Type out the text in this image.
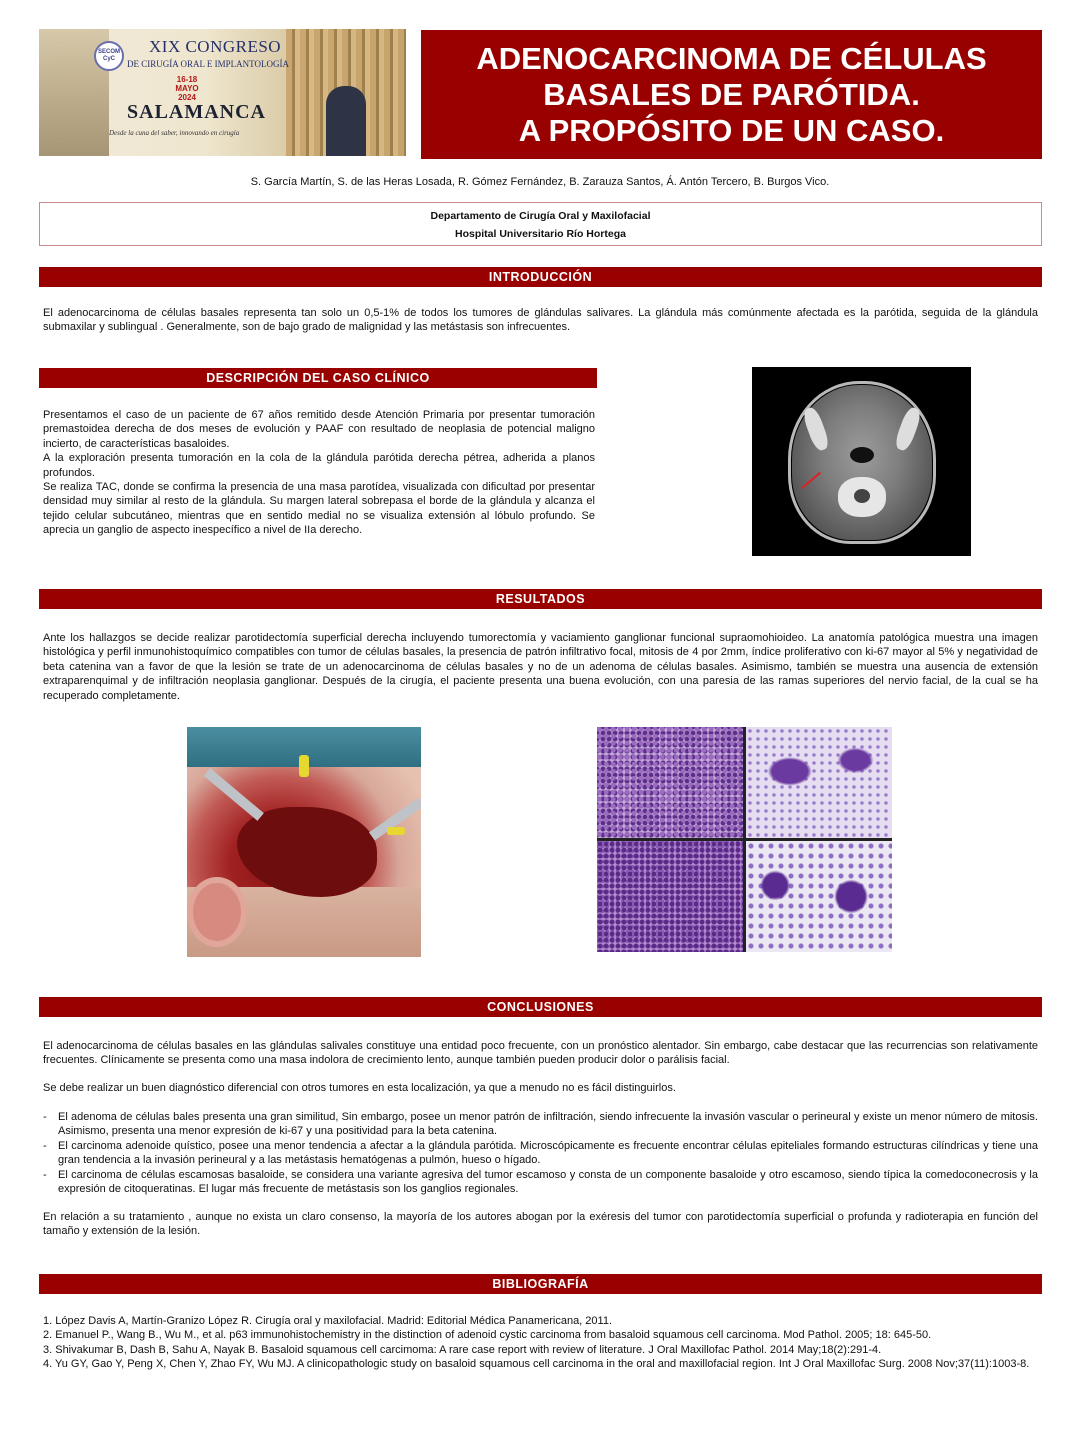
SECOM CyC
XIX CONGRESO
DE CIRUGÍA ORAL E IMPLANTOLOGÍA
16-18 MAYO 2024
SALAMANCA
Desde la cuna del saber, innovando en cirugía
ADENOCARCINOMA DE CÉLULAS
BASALES DE PARÓTIDA.
A PROPÓSITO DE UN CASO.
S. García Martín, S. de las Heras Losada, R. Gómez Fernández, B. Zarauza Santos, Á. Antón Tercero, B. Burgos Vico.
Departamento de Cirugía Oral y Maxilofacial
Hospital Universitario Río Hortega
INTRODUCCIÓN
El adenocarcinoma de células basales representa tan solo un 0,5-1% de todos los tumores de glándulas salivares. La glándula más comúnmente afectada es la parótida, seguida de la glándula submaxilar y sublingual . Generalmente, son de bajo grado de malignidad y las metástasis son infrecuentes.
DESCRIPCIÓN DEL CASO CLÍNICO

Presentamos el caso de un paciente de 67 años remitido desde Atención Primaria por presentar tumoración premastoidea derecha de dos meses de evolución y PAAF con resultado de neoplasia de potencial maligno incierto, de características basaloides.

A la exploración presenta tumoración en la cola de la glándula parótida derecha pétrea, adherida a planos profundos.

Se realiza TAC, donde se confirma la presencia de una masa parotídea, visualizada con dificultad por presentar densidad muy similar al resto de la glándula. Su margen lateral sobrepasa el borde de la glándula y alcanza el tejido celular subcutáneo, mientras que en sentido medial no se visualiza extensión al lóbulo profundo. Se aprecia un ganglio de aspecto inespecífico a nivel de IIa derecho.

RESULTADOS
Ante los hallazgos se decide realizar parotidectomía superficial derecha incluyendo tumorectomía y vaciamiento ganglionar funcional supraomohioideo. La anatomía patológica muestra una imagen histológica y perfil inmunohistoquímico compatibles con tumor de células basales, la presencia de patrón infiltrativo focal, mitosis de 4 por 2mm, índice proliferativo con ki-67 mayor al 5% y negatividad de beta catenina van a favor de que la lesión se trate de un adenocarcinoma de células basales y no de un adenoma de células basales. Asimismo, también se muestra una ausencia de extensión extraparenquimal y de infiltración neoplasia ganglionar. Después de la cirugía, el paciente presenta una buena evolución, con una paresia de las ramas superiores del nervio facial, de la cual se ha recuperado completamente.
CONCLUSIONES
El adenocarcinoma de células basales en las glándulas salivales constituye una entidad poco frecuente, con un pronóstico alentador. Sin embargo, cabe destacar que las recurrencias son relativamente frecuentes. Clínicamente se presenta como una masa indolora de crecimiento lento, aunque también pueden producir dolor o parálisis facial.
Se debe realizar un buen diagnóstico diferencial con otros tumores en esta localización, ya que a menudo no es fácil distinguirlos.
-	El adenoma de células bales presenta una gran similitud, Sin embargo, posee un menor patrón de infiltración, siendo infrecuente la invasión vascular o perineural y existe un menor número de mitosis. Asimismo, presenta una menor expresión de ki-67 y una positividad para la beta catenina.
-	El carcinoma adenoide quístico, posee una menor tendencia a afectar a la glándula parótida. Microscópicamente es frecuente encontrar células epiteliales formando estructuras cilíndricas y tiene una gran tendencia a la invasión perineural y a las metástasis hematógenas a pulmón, hueso o hígado.
-	El carcinoma de células escamosas basaloide, se considera una variante agresiva del tumor escamoso y consta de un componente basaloide y otro escamoso, siendo típica la comedoconecrosis y la expresión de citoqueratinas. El lugar más frecuente de metástasis son los ganglios regionales.
En relación a su tratamiento , aunque no exista un claro consenso, la mayoría de los autores abogan por la exéresis del tumor con parotidectomía superficial o profunda y radioterapia en función del tamaño y extensión de la lesión.
BIBLIOGRAFÍA
1. López Davis A, Martín-Granizo López R. Cirugía oral y maxilofacial. Madrid: Editorial Médica Panamericana, 2011.
2. Emanuel P., Wang B., Wu M., et al. p63 immunohistochemistry in the distinction of adenoid cystic carcinoma from basaloid squamous cell carcinoma. Mod Pathol. 2005; 18: 645-50.
3. Shivakumar B, Dash B, Sahu A, Nayak B. Basaloid squamous cell carcimoma: A rare case report with review of literature. J Oral Maxillofac Pathol. 2014 May;18(2):291-4.
4. Yu GY, Gao Y, Peng X, Chen Y, Zhao FY, Wu MJ. A clinicopathologic study on basaloid squamous cell carcinoma in the oral and maxillofacial region. Int J Oral Maxillofac Surg. 2008 Nov;37(11):1003-8.
